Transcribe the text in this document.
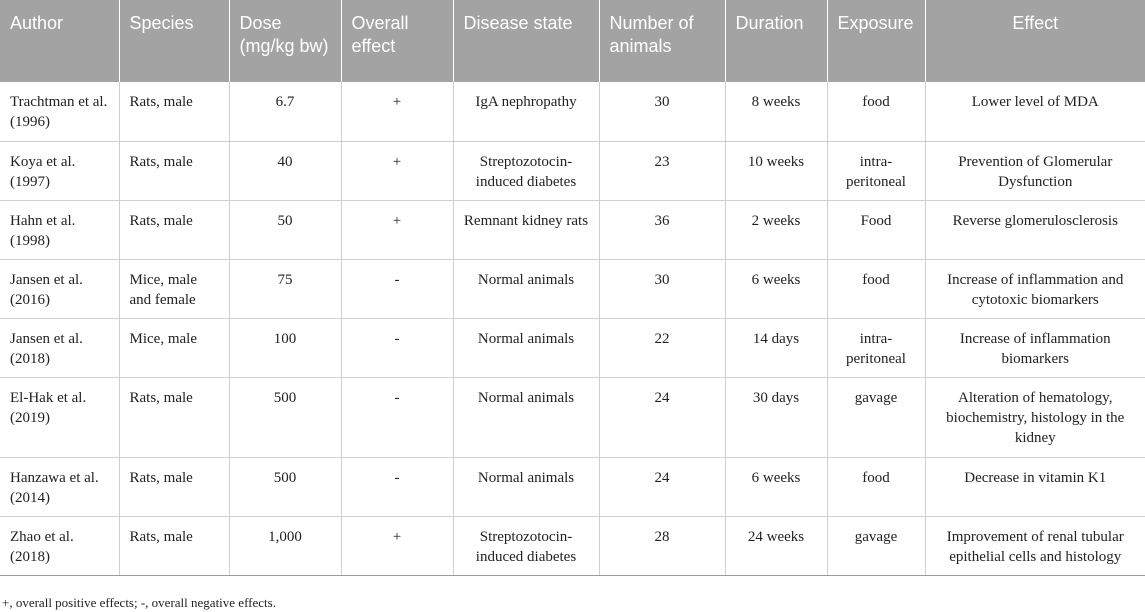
Author	Species	Dose (mg/kg bw)	Overall effect	Disease state	Number of animals	Duration	Exposure	Effect
Trachtman et al. (1996)	Rats, male	6.7	+	IgA nephropathy	30	8 weeks	food	Lower level of MDA
Koya et al. (1997)	Rats, male	40	+	Streptozotocin-induced diabetes	23	10 weeks	intra-peritoneal	Prevention of Glomerular Dysfunction
Hahn et al.(1998)	Rats, male	50	+	Remnant kidney rats	36	2 weeks	Food	Reverse glomerulosclerosis
Jansen et al. (2016)	Mice, male and female	75	-	Normal animals	30	6 weeks	food	Increase of inflammation and cytotoxic biomarkers
Jansen et al. (2018)	Mice, male	100	-	Normal animals	22	14 days	intra-peritoneal	Increase of inflammation biomarkers
El-Hak et al. (2019)	Rats, male	500	-	Normal animals	24	30 days	gavage	Alteration of hematology, biochemistry, histology in the kidney
Hanzawa et al. (2014)	Rats, male	500	-	Normal animals	24	6 weeks	food	Decrease in vitamin K1
Zhao et al. (2018)	Rats, male	1,000	+	Streptozotocin-induced diabetes	28	24 weeks	gavage	Improvement of renal tubular epithelial cells and histology
+, overall positive effects; -, overall negative effects.
